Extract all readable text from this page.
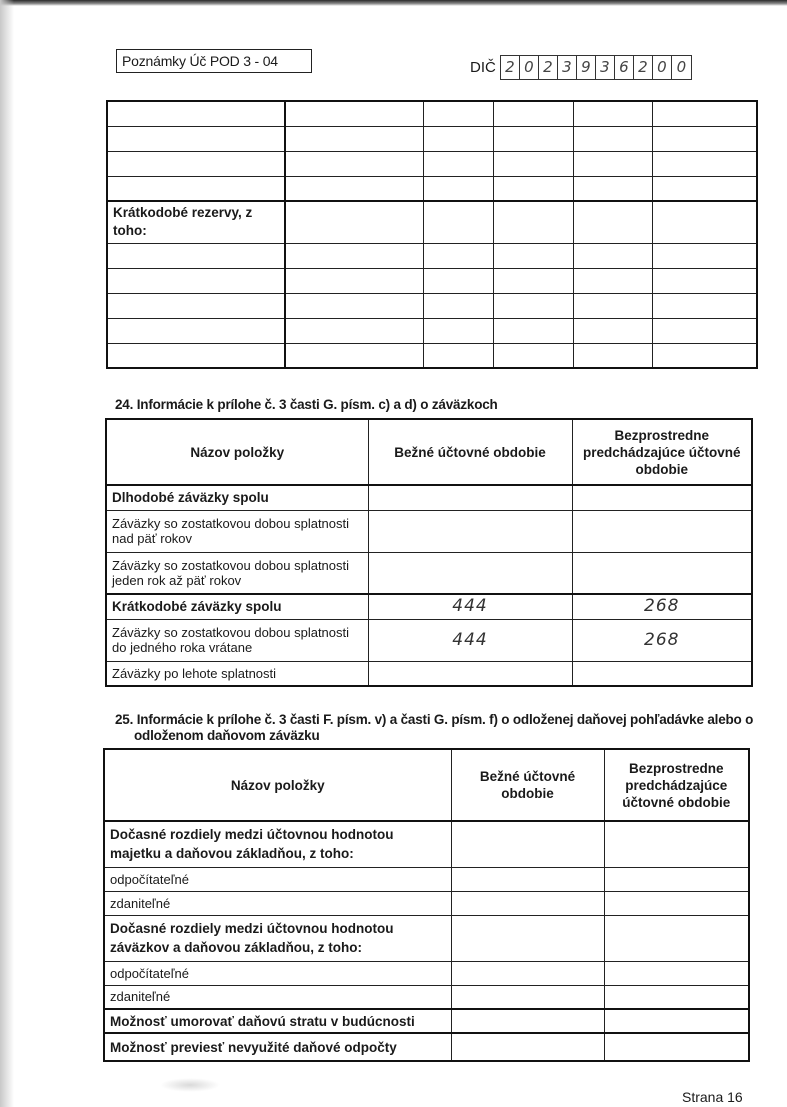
Poznámky Úč POD 3 - 04	DIČ 2 0 2 3 9 3 6 2 0 0

Krátkodobé rezervy, z toho:					

24. Informácie k prílohe č. 3 časti G. písm. c) a d) o záväzkoch
Názov položky	Bežné účtovné obdobie	Bezprostredne predchádzajúce účtovné obdobie
Dlhodobé záväzky spolu		
Záväzky so zostatkovou dobou splatnosti nad päť rokov		
Záväzky so zostatkovou dobou splatnosti jeden rok až päť rokov		
Krátkodobé záväzky spolu	444	268
Záväzky so zostatkovou dobou splatnosti do jedného roka vrátane	444	268
Záväzky po lehote splatnosti		
25. Informácie k prílohe č. 3 časti F. písm. v) a časti G. písm. f) o odloženej daňovej pohľadávke alebo o
odloženom daňovom záväzku
Názov položky	Bežné účtovné obdobie	Bezprostredne predchádzajúce účtovné obdobie
Dočasné rozdiely medzi účtovnou hodnotou majetku a daňovou základňou, z toho:		
odpočítateľné		
zdaniteľné		
Dočasné rozdiely medzi účtovnou hodnotou záväzkov a daňovou základňou, z toho:		
odpočítateľné		
zdaniteľné		
Možnosť umorovať daňovú stratu v budúcnosti		
Možnosť previesť nevyužité daňové odpočty		
Strana 16
